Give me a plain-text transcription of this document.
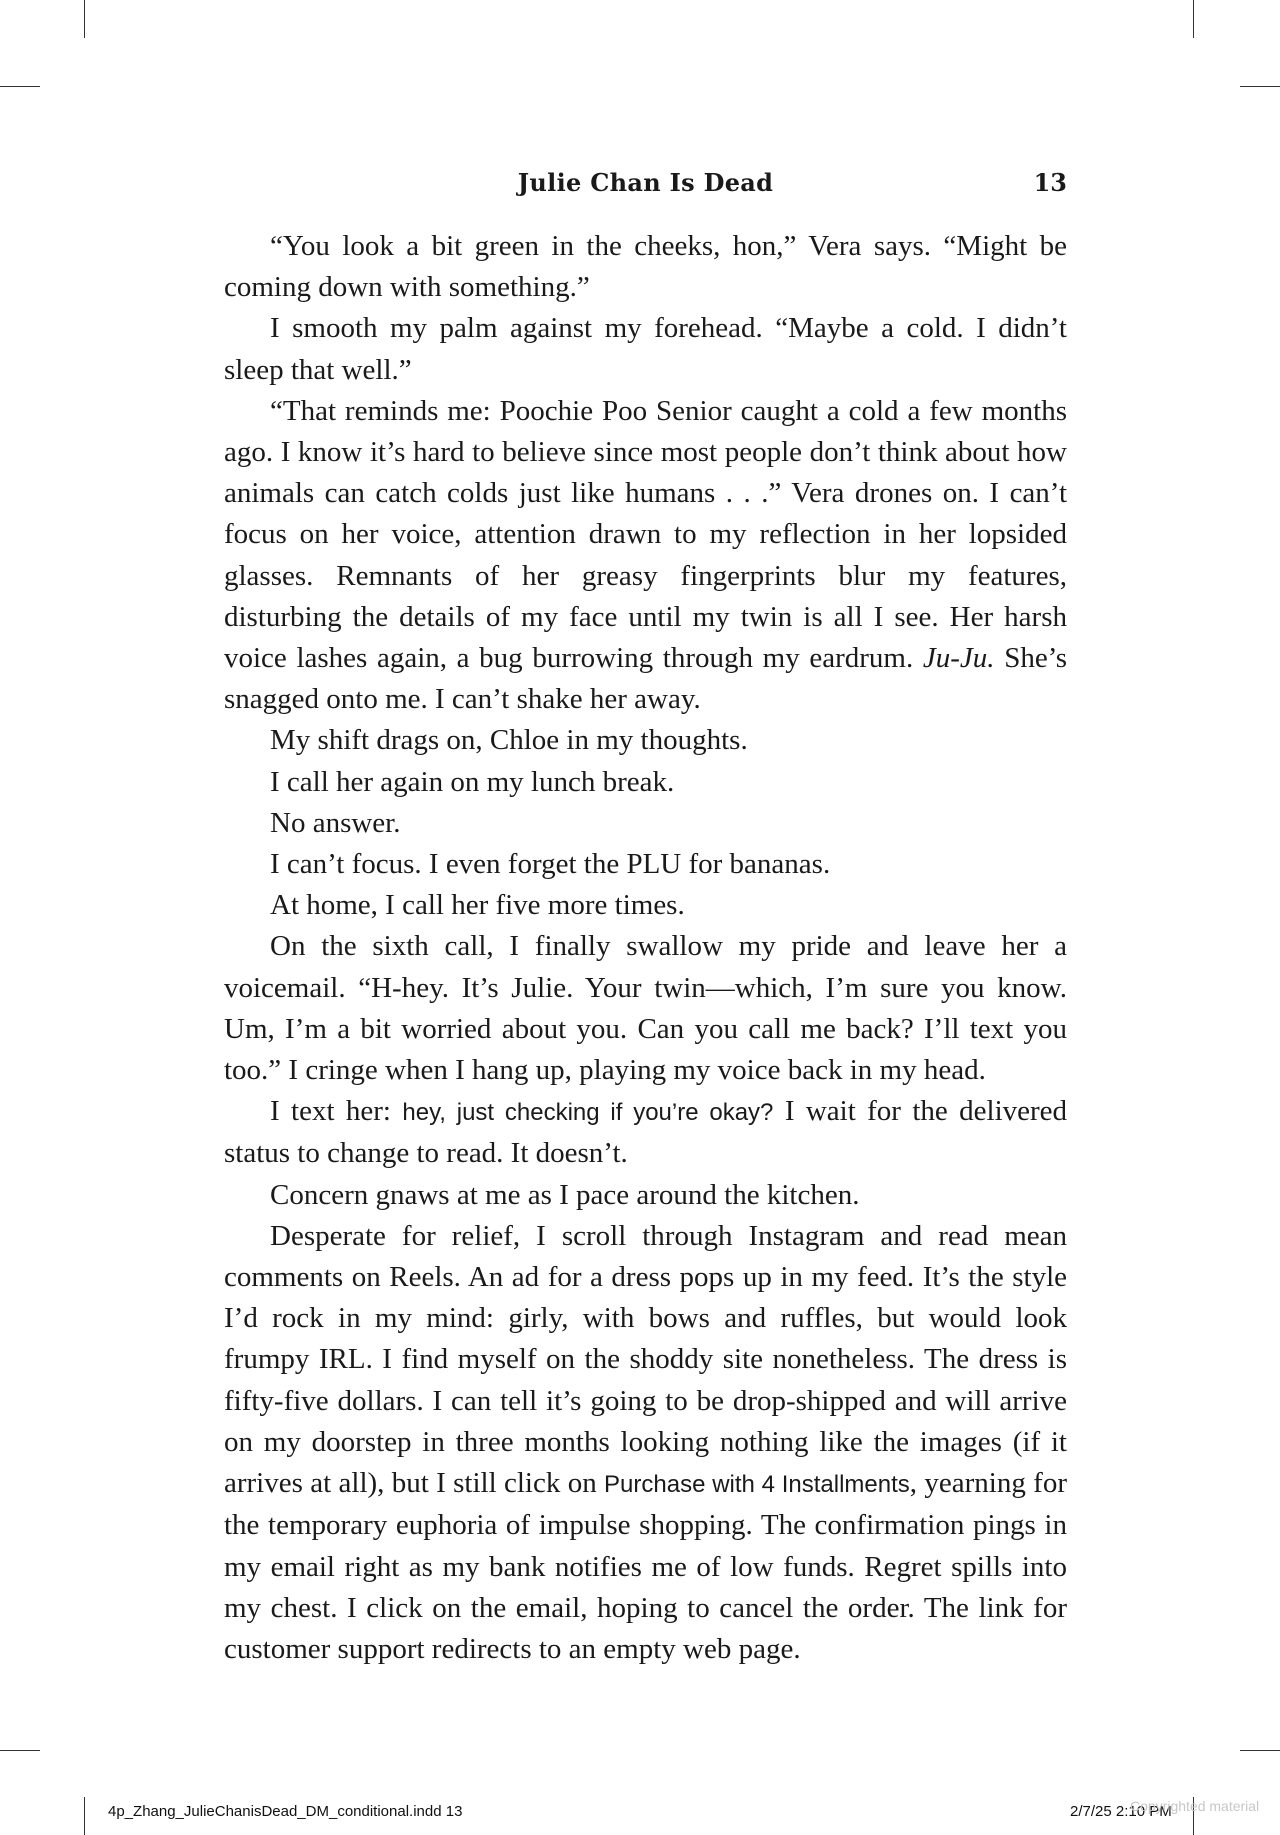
Julie Chan Is Dead	13

“You look a bit green in the cheeks, hon,” Vera says. “Might be coming down with something.”

I smooth my palm against my forehead. “Maybe a cold. I didn’t sleep that well.”

“That reminds me: Poochie Poo Senior caught a cold a few months ago. I know it’s hard to believe since most people don’t think about how animals can catch colds just like humans . . .” Vera drones on. I can’t focus on her voice, attention drawn to my reflection in her lopsided glasses. Remnants of her greasy fingerprints blur my features, disturbing the details of my face until my twin is all I see. Her harsh voice lashes again, a bug burrowing through my eardrum. Ju-Ju. She’s snagged onto me. I can’t shake her away.

My shift drags on, Chloe in my thoughts.

I call her again on my lunch break.

No answer.

I can’t focus. I even forget the PLU for bananas.

At home, I call her five more times.

On the sixth call, I finally swallow my pride and leave her a voicemail. “H-hey. It’s Julie. Your twin—which, I’m sure you know. Um, I’m a bit worried about you. Can you call me back? I’ll text you too.” I cringe when I hang up, playing my voice back in my head.

I text her: hey, just checking if you’re okay? I wait for the delivered status to change to read. It doesn’t.

Concern gnaws at me as I pace around the kitchen.

Desperate for relief, I scroll through Instagram and read mean comments on Reels. An ad for a dress pops up in my feed. It’s the style I’d rock in my mind: girly, with bows and ruffles, but would look frumpy IRL. I find myself on the shoddy site nonetheless. The dress is fifty-five dollars. I can tell it’s going to be drop-shipped and will arrive on my doorstep in three months looking nothing like the images (if it arrives at all), but I still click on Purchase with 4 Installments, yearning for the temporary euphoria of impulse shopping. The confirmation pings in my email right as my bank notifies me of low funds. Regret spills into my chest. I click on the email, hoping to cancel the order. The link for customer support redirects to an empty web page.

4p_Zhang_JulieChanisDead_DM_conditional.indd 13	2/7/25 2:10 PM
Copyrighted material
